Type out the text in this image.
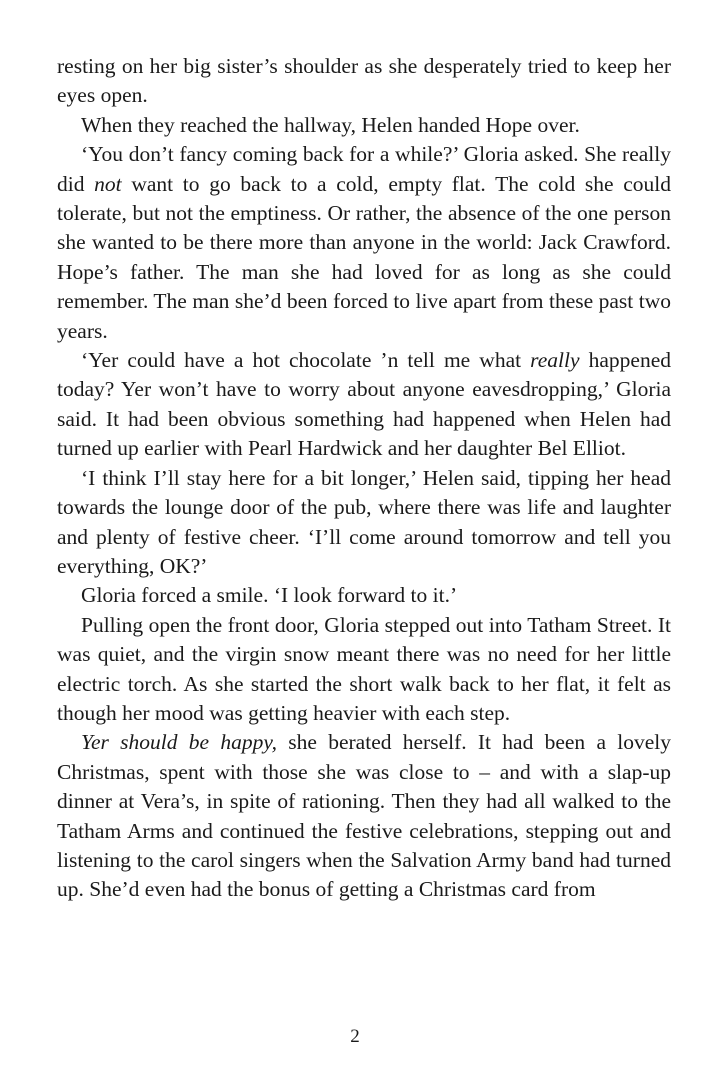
resting on her big sister’s shoulder as she desperately tried to keep her eyes open.

When they reached the hallway, Helen handed Hope over.

‘You don’t fancy coming back for a while?’ Gloria asked. She really did not want to go back to a cold, empty flat. The cold she could tolerate, but not the emptiness. Or rather, the absence of the one person she wanted to be there more than anyone in the world: Jack Crawford. Hope’s father. The man she had loved for as long as she could remember. The man she’d been forced to live apart from these past two years.

‘Yer could have a hot chocolate ’n tell me what really happened today? Yer won’t have to worry about anyone eavesdropping,’ Gloria said. It had been obvious something had happened when Helen had turned up earlier with Pearl Hardwick and her daughter Bel Elliot.

‘I think I’ll stay here for a bit longer,’ Helen said, tipping her head towards the lounge door of the pub, where there was life and laughter and plenty of festive cheer. ‘I’ll come around tomorrow and tell you everything, OK?’

Gloria forced a smile. ‘I look forward to it.’

Pulling open the front door, Gloria stepped out into Tatham Street. It was quiet, and the virgin snow meant there was no need for her little electric torch. As she started the short walk back to her flat, it felt as though her mood was getting heavier with each step.

Yer should be happy, she berated herself. It had been a lovely Christmas, spent with those she was close to – and with a slap-up dinner at Vera’s, in spite of rationing. Then they had all walked to the Tatham Arms and continued the festive celebrations, stepping out and listening to the carol singers when the Salvation Army band had turned up. She’d even had the bonus of getting a Christmas card from

2
